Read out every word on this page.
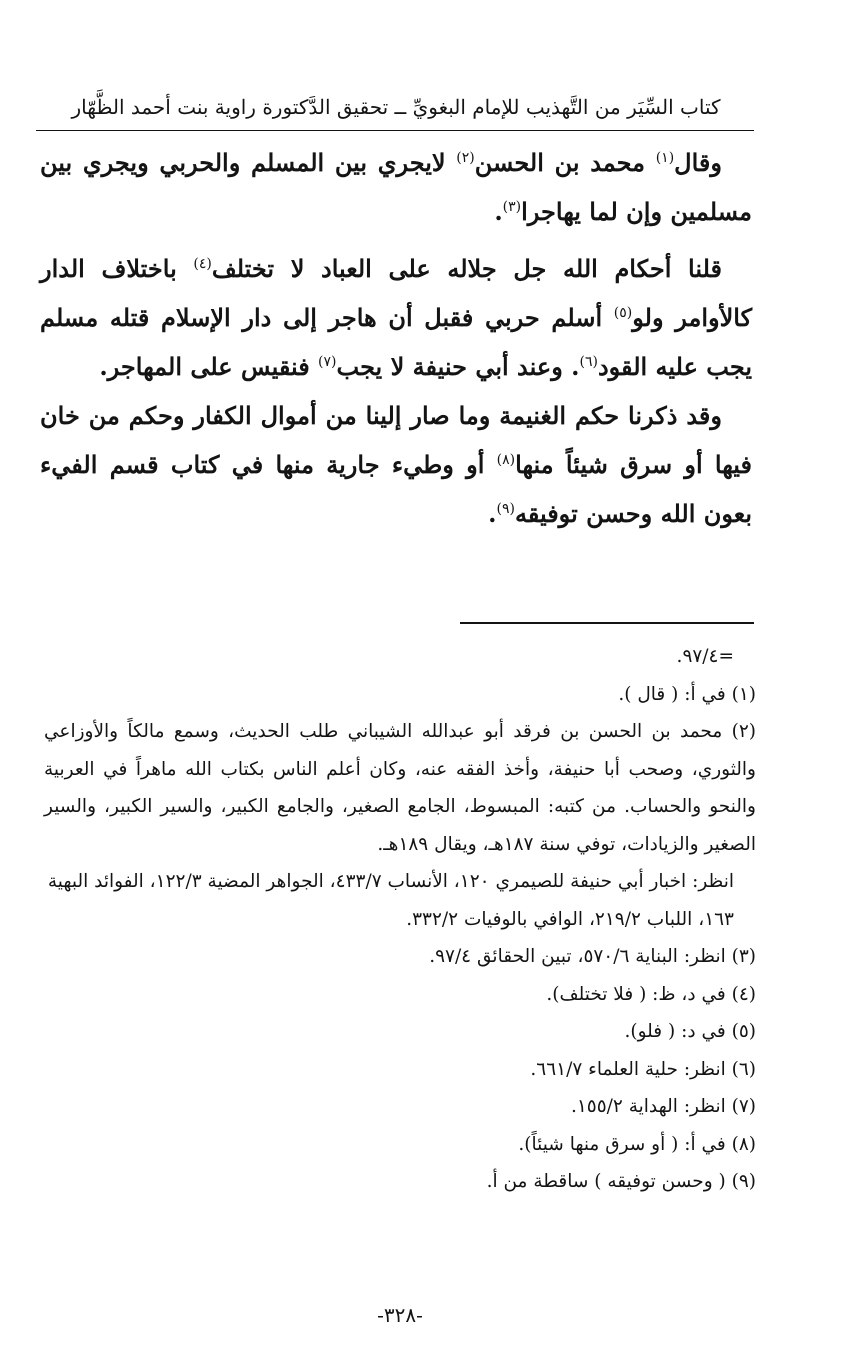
كتاب السِّيَر من التَّهذيب للإمام البغويِّ ــ تحقيق الدَّكتورة راوية بنت أحمد الظَّهّار

وقال$^{(١)}$ محمد بن الحسن$^{(٢)}$ لايجري بين المسلم والحربي ويجري بين مسلمين وإن لما يهاجرا$^{(٣)}$.

قلنا أحكام الله جل جلاله على العباد لا تختلف$^{(٤)}$ باختلاف الدار كالأوامر ولو$^{(٥)}$ أسلم حربي فقبل أن هاجر إلى دار الإسلام قتله مسلم يجب عليه القود$^{(٦)}$. وعند أبي حنيفة لا يجب$^{(٧)}$ فنقيس على المهاجر.

وقد ذكرنا حكم الغنيمة وما صار إلينا من أموال الكفار وحكم من خان فيها أو سرق شيئاً منها$^{(٨)}$ أو وطيء جارية منها في كتاب قسم الفيء بعون الله وحسن توفيقه$^{(٩)}$.

=٩٧/٤.

(١) في أ: ( قال ).

(٢) محمد بن الحسن بن فرقد أبو عبدالله الشيباني طلب الحديث، وسمع مالكاً والأوزاعي والثوري، وصحب أبا حنيفة، وأخذ الفقه عنه، وكان أعلم الناس بكتاب الله ماهراً في العربية والنحو والحساب. من كتبه: المبسوط، الجامع الصغير، والجامع الكبير، والسير الكبير، والسير الصغير والزيادات، توفي سنة ١٨٧هـ، ويقال ١٨٩هـ.

انظر: اخبار أبي حنيفة للصيمري ١٢٠، الأنساب ٤٣٣/٧، الجواهر المضية ١٢٢/٣، الفوائد البهية ١٦٣، اللباب ٢١٩/٢، الوافي بالوفيات ٣٣٢/٢.

(٣) انظر: البناية ٥٧٠/٦، تبين الحقائق ٩٧/٤.

(٤) في د، ظ: ( فلا تختلف).

(٥) في د: ( فلو).

(٦) انظر: حلية العلماء ٦٦١/٧.

(٧) انظر: الهداية ١٥٥/٢.

(٨) في أ: ( أو سرق منها شيئاً).

(٩) ( وحسن توفيقه ) ساقطة من أ.

-٣٢٨-
